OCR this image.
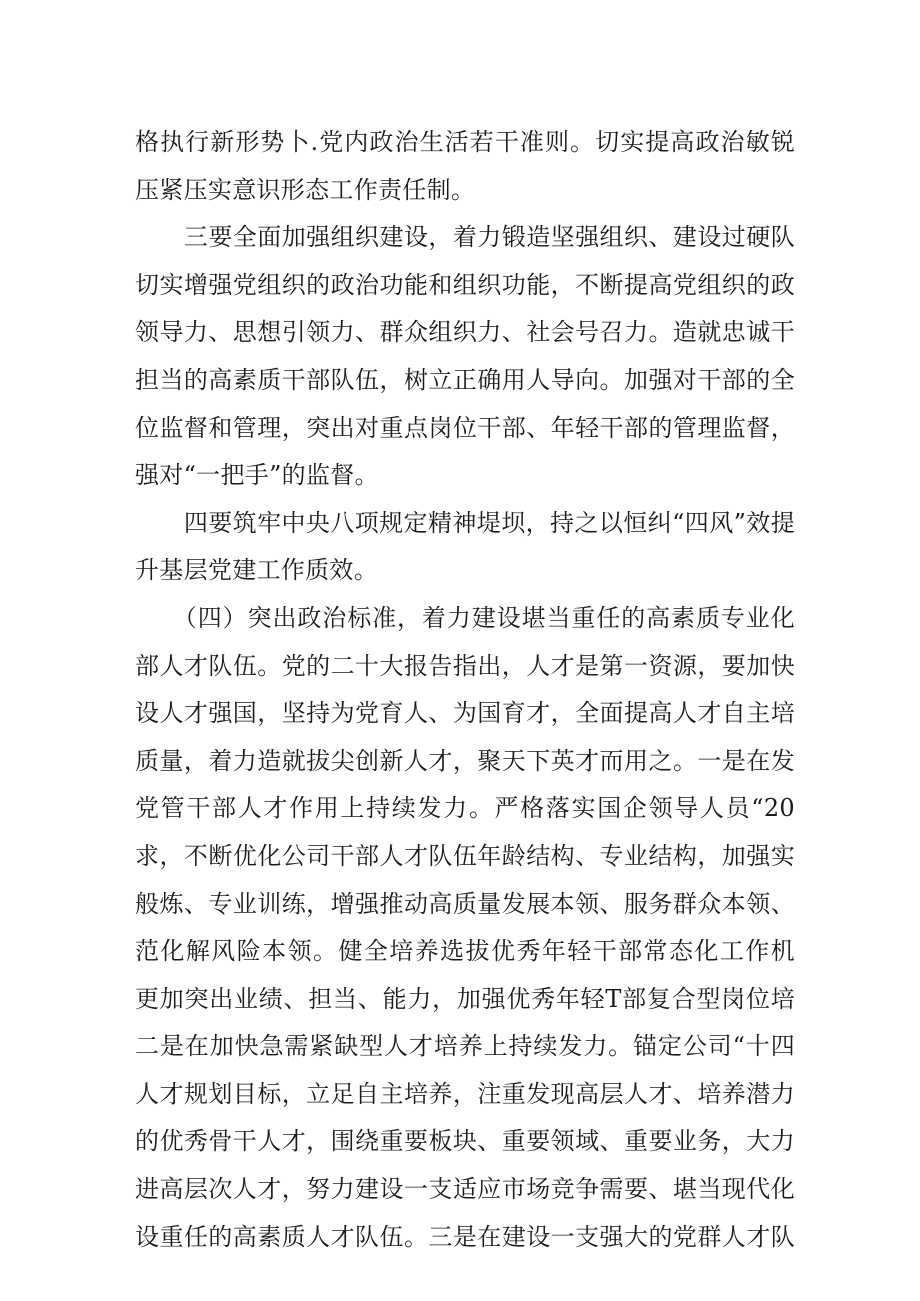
格执行新形势卜.党内政治生活若干准则。切实提高政治敏锐
压紧压实意识形态工作责任制。
　　三要全面加强组织建设，着力锻造坚强组织、建设过硬队
切实增强党组织的政治功能和组织功能，不断提高党组织的政
领导力、思想引领力、群众组织力、社会号召力。造就忠诚干
担当的高素质干部队伍，树立正确用人导向。加强对干部的全
位监督和管理，突出对重点岗位干部、年轻干部的管理监督，
强对“一把手”的监督。
　　四要筑牢中央八项规定精神堤坝，持之以恒纠“四风”效提
升基层党建工作质效。
　　（四）突出政治标准，着力建设堪当重任的高素质专业化
部人才队伍。党的二十大报告指出，人才是第一资源，要加快
设人才强国，坚持为党育人、为国育才，全面提高人才自主培
质量，着力造就拔尖创新人才，聚天下英才而用之。一是在发
党管干部人才作用上持续发力。严格落实国企领导人员“20
求，不断优化公司干部人才队伍年龄结构、专业结构，加强实
般炼、专业训练，增强推动高质量发展本领、服务群众本领、
范化解风险本领。健全培养选拔优秀年轻干部常态化工作机
更加突出业绩、担当、能力，加强优秀年轻T部复合型岗位培
二是在加快急需紧缺型人才培养上持续发力。锚定公司“十四
人才规划目标，立足自主培养，注重发现高层人才、培养潜力
的优秀骨干人才，围绕重要板块、重要领域、重要业务，大力
进高层次人才，努力建设一支适应市场竞争需要、堪当现代化
设重任的高素质人才队伍。三是在建设一支强大的党群人才队
